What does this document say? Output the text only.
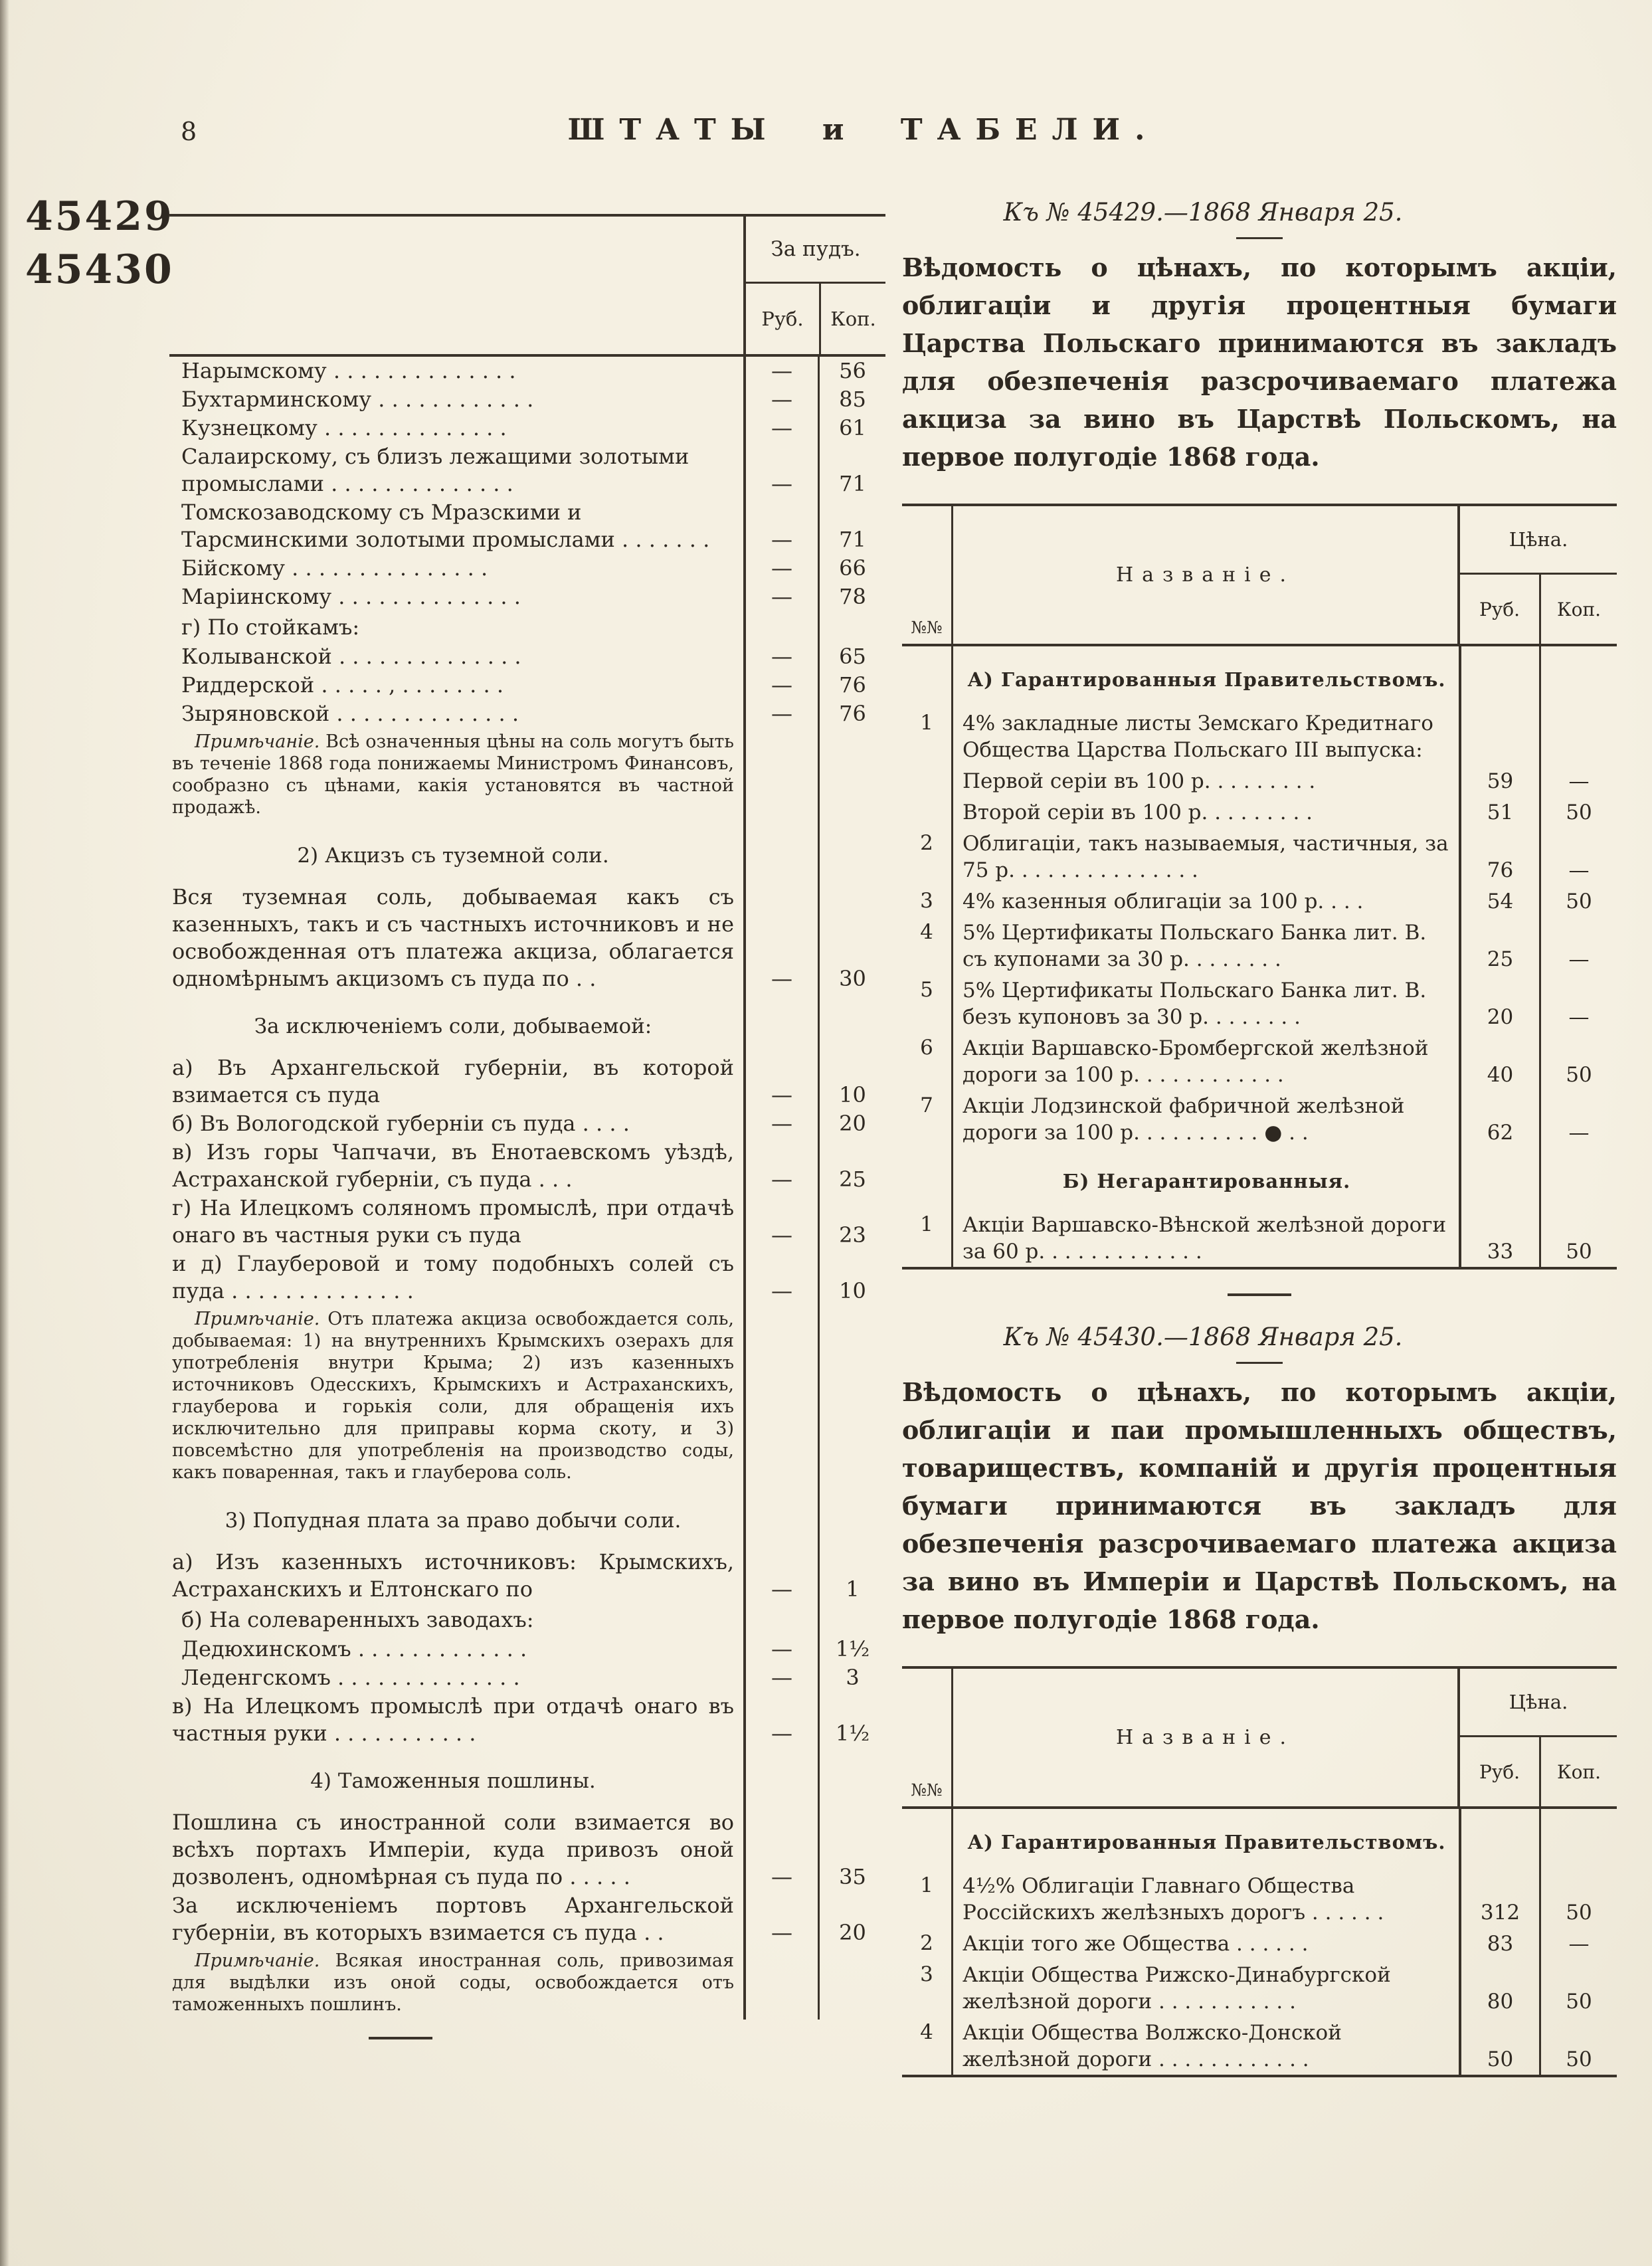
8	ШТАТЫ и ТАБЕЛИ.
45429
45430	За пудъ.
Руб.	Коп.
Нарымскому . . . . . . . . . . . . . .	—	56
Бухтарминскому . . . . . . . . . . . .	—	85
Кузнецкому . . . . . . . . . . . . . .	—	61
Салаирскому, съ близъ лежащими золотыми промыслами . . . . . . . . . . . . . .	—	71
Томскозаводскому съ Мразскими и Тарсминскими золотыми промыслами . . . . . . .	—	71
Бійскому . . . . . . . . . . . . . . .	—	66
Маріинскому . . . . . . . . . . . . . .	—	78
г) По стойкамъ:
Колыванской . . . . . . . . . . . . . .	—	65
Риддерской . . . . . , . . . . . . . .	—	76
Зыряновской . . . . . . . . . . . . . .	—	76
Примѣчаніе. Всѣ означенныя цѣны на соль могутъ быть въ теченіе 1868 года понижаемы Министромъ Финансовъ, сообразно съ цѣнами, какія установятся въ частной продажѣ.
2) Акцизъ съ туземной соли.
Вся туземная соль, добываемая какъ съ казенныхъ, такъ и съ частныхъ источниковъ и не освобожденная отъ платежа акциза, облагается одномѣрнымъ акцизомъ съ пуда по . .	—	30
За исключеніемъ соли, добываемой:
а) Въ Архангельской губерніи, въ которой взимается съ пуда	—	10
б) Въ Вологодской губерніи съ пуда . . . .	—	20
в) Изъ горы Чапчачи, въ Енотаевскомъ уѣздѣ, Астраханской губерніи, съ пуда . . .	—	25
г) На Илецкомъ соляномъ промыслѣ, при отдачѣ онаго въ частныя руки съ пуда	—	23
и д) Глауберовой и тому подобныхъ солей съ пуда . . . . . . . . . . . . . .	—	10
Примѣчаніе. Отъ платежа акциза освобождается соль, добываемая: 1) на внутреннихъ Крымскихъ озерахъ для употребленія внутри Крыма; 2) изъ казенныхъ источниковъ Одесскихъ, Крымскихъ и Астраханскихъ, глауберова и горькія соли, для обращенія ихъ исключительно для приправы корма скоту, и 3) повсемѣстно для употребленія на производство соды, какъ поваренная, такъ и глауберова соль.
3) Попудная плата за право добычи соли.
а) Изъ казенныхъ источниковъ: Крымскихъ, Астраханскихъ и Елтонскаго по	—	1
б) На солеваренныхъ заводахъ:
Дедюхинскомъ . . . . . . . . . . . . .	—	1½
Леденгскомъ . . . . . . . . . . . . . .	—	3
в) На Илецкомъ промыслѣ при отдачѣ онаго въ частныя руки . . . . . . . . . . .	—	1½
4) Таможенныя пошлины.
Пошлина съ иностранной соли взимается во всѣхъ портахъ Имперіи, куда привозъ оной дозволенъ, одномѣрная съ пуда по . . . . .	—	35
За исключеніемъ портовъ Архангельской губерніи, въ которыхъ взимается съ пуда . .	—	20
Примѣчаніе. Всякая иностранная соль, привозимая для выдѣлки изъ оной соды, освобождается отъ таможенныхъ пошлинъ.
Къ № 45429.—1868 Января 25.
Вѣдомость о цѣнахъ, по которымъ акціи, облигаціи и другія процентныя бумаги Царства Польскаго принимаются въ закладъ для обезпеченія разсрочиваемаго платежа акциза за вино въ Царствѣ Польскомъ, на первое полугодіе 1868 года.
№№
Названіе.
Цѣна.
Руб.	Коп.
А) Гарантированныя Правительствомъ.
1	4% закладные листы Земскаго Кредитнаго Общества Царства Польскаго III выпуска:
Первой серіи въ 100 р. . . . . . . . .	59	—
Второй серіи въ 100 р. . . . . . . . .	51	50
2	Облигаціи, такъ называемыя, частичныя, за 75 р. . . . . . . . . . . . . . .	76	—
3	4% казенныя облигаціи за 100 р. . . .	54	50
4	5% Цертификаты Польскаго Банка лит. В. съ купонами за 30 р. . . . . . . .	25	—
5	5% Цертификаты Польскаго Банка лит. В. безъ купоновъ за 30 р. . . . . . . .	20	—
6	Акціи Варшавско-Бромбергской желѣзной дороги за 100 р. . . . . . . . . . . .	40	50
7	Акціи Лодзинской фабричной желѣзной дороги за 100 р. . . . . . . . . . ● . .	62	—
Б) Негарантированныя.
1	Акціи Варшавско-Вѣнской желѣзной дороги за 60 р. . . . . . . . . . . . .	33	50
Къ № 45430.—1868 Января 25.
Вѣдомость о цѣнахъ, по которымъ акціи, облигаціи и паи промышленныхъ обществъ, товариществъ, компаній и другія процентныя бумаги принимаются въ закладъ для обезпеченія разсрочиваемаго платежа акциза за вино въ Имперіи и Царствѣ Польскомъ, на первое полугодіе 1868 года.
№№
Названіе.
Цѣна.
Руб.	Коп.
А) Гарантированныя Правительствомъ.
1	4½% Облигаціи Главнаго Общества Россійскихъ желѣзныхъ дорогъ . . . . . .	312	50
2	Акціи того же Общества . . . . . .	83	—
3	Акціи Общества Рижско-Динабургской желѣзной дороги . . . . . . . . . . .	80	50
4	Акціи Общества Волжско-Донской желѣзной дороги . . . . . . . . . . . .	50	50
